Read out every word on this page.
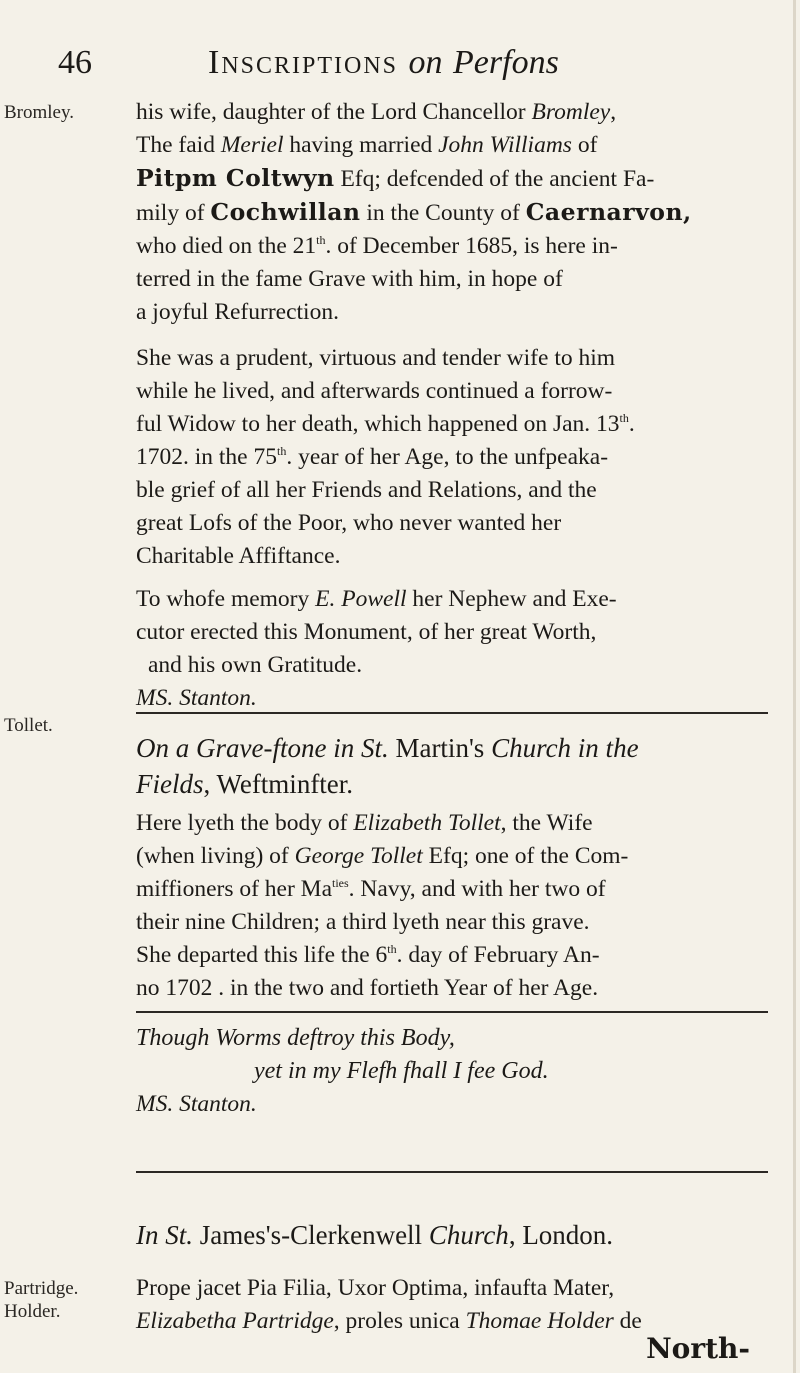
46	Inscriptions on Perfons
Bromley.
Tollet.
Partridge.
Holder.

his wife, daughter of the Lord Chancellor Bromley,

The faid Meriel having married John Williams of

Pitpm Coltwyn Efq; defcended of the ancient Fa-

mily of Cochwillan in the County of Caernarvon,

who died on the 21th. of December 1685, is here in-

terred in the fame Grave with him, in hope of

a joyful Refurrection.

She was a prudent, virtuous and tender wife to him

while he lived, and afterwards continued a forrow-

ful Widow to her death, which happened on Jan. 13th.

1702. in the 75th. year of her Age, to the unfpeaka-

ble grief of all her Friends and Relations, and the

great Lofs of the Poor, who never wanted her

Charitable Affiftance.

To whofe memory E. Powell her Nephew and Exe-

cutor erected this Monument, of her great Worth,

and his own Gratitude.

MS. Stanton.

On a Grave-ftone in St. Martin's Church in the

Fields, Weftminfter.

Here lyeth the body of Elizabeth Tollet, the Wife

(when living) of George Tollet Efq; one of the Com-

miffioners of her $Ma^{ties}$. Navy, and with her two of

their nine Children; a third lyeth near this grave.

She departed this life the 6th. day of February An-

no 1702 . in the two and fortieth Year of her Age.

Though Worms deftroy this Body,

yet in my Flefh fhall I fee God.

MS. Stanton.

In St. James's-Clerkenwell Church, London.

Prope jacet Pia Filia, Uxor Optima, infaufta Mater,

Elizabetha Partridge, proles unica Thomae Holder de

North-
